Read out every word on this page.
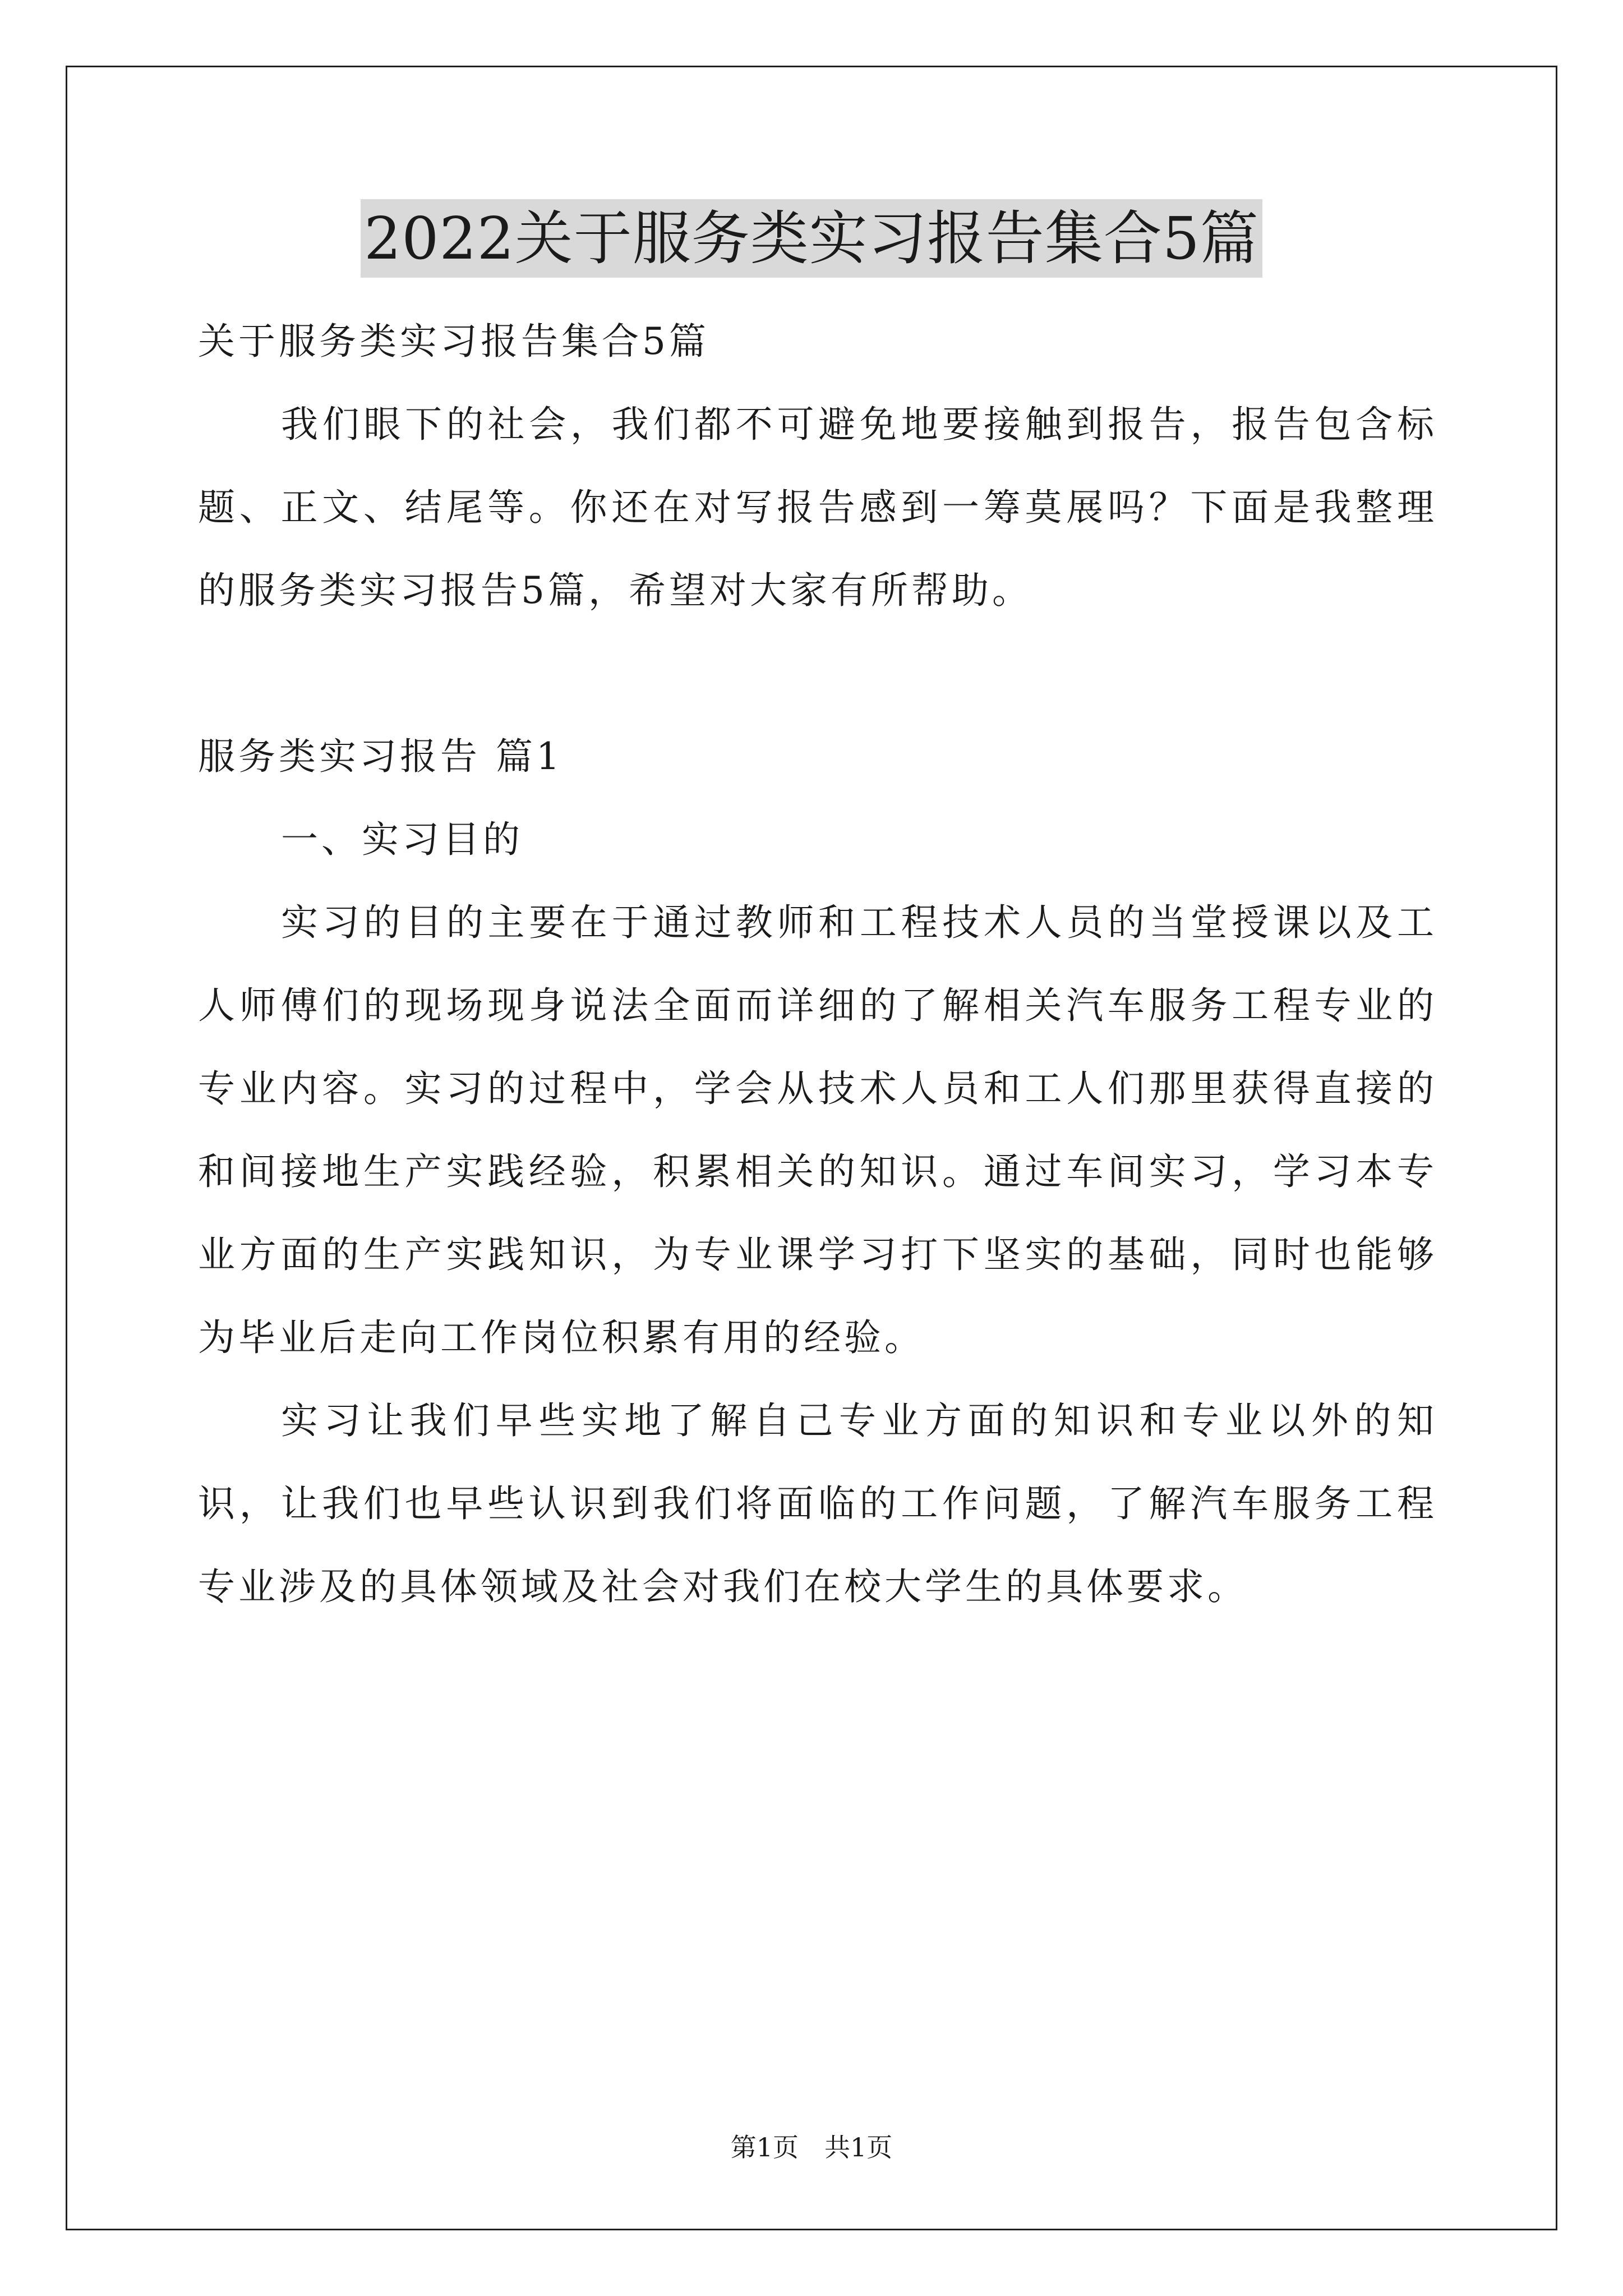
2022关于服务类实习报告集合5篇

关于服务类实习报告集合5篇

我们眼下的社会，我们都不可避免地要接触到报告，报告包含标题、正文、结尾等。你还在对写报告感到一筹莫展吗？下面是我整理的服务类实习报告5篇，希望对大家有所帮助。

服务类实习报告 篇1

一、实习目的

实习的目的主要在于通过教师和工程技术人员的当堂授课以及工人师傅们的现场现身说法全面而详细的了解相关汽车服务工程专业的专业内容。实习的过程中，学会从技术人员和工人们那里获得直接的和间接地生产实践经验，积累相关的知识。通过车间实习，学习本专业方面的生产实践知识，为专业课学习打下坚实的基础，同时也能够为毕业后走向工作岗位积累有用的经验。

实习让我们早些实地了解自己专业方面的知识和专业以外的知识，让我们也早些认识到我们将面临的工作问题，了解汽车服务工程专业涉及的具体领域及社会对我们在校大学生的具体要求。

第1页　共1页
